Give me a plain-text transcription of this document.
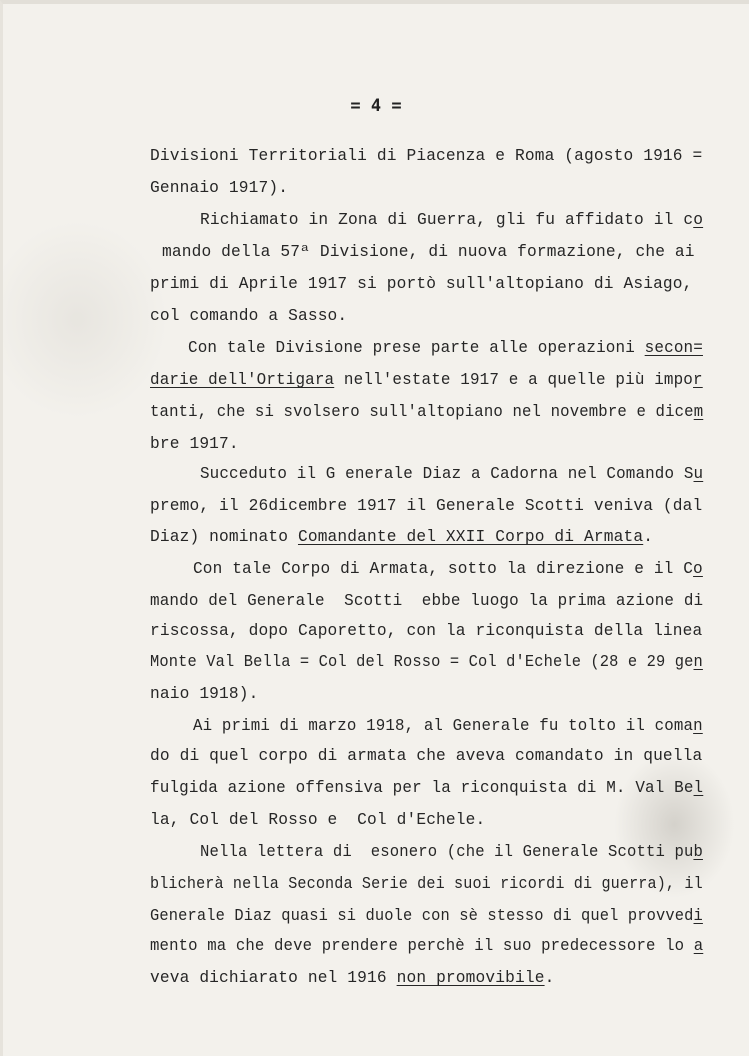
= 4 =
Divisioni Territoriali di Piacenza e Roma (agosto 1916 =
Gennaio 1917).
Richiamato in Zona di Guerra, gli fu affidato il co
mando della 57ª Divisione, di nuova formazione, che ai
primi di Aprile 1917 si portò sull'altopiano di Asiago,
col comando a Sasso.
Con tale Divisione prese parte alle operazioni secon=
darie dell'Ortigara nell'estate 1917 e a quelle più impor
tanti, che si svolsero sull'altopiano nel novembre e dicem
bre 1917.
Succeduto il G enerale Diaz a Cadorna nel Comando Su
premo, il 26dicembre 1917 il Generale Scotti veniva (dal
Diaz) nominato Comandante del XXII Corpo di Armata.
Con tale Corpo di Armata, sotto la direzione e il Co
mando del Generale  Scotti  ebbe luogo la prima azione di
riscossa, dopo Caporetto, con la riconquista della linea
Monte Val Bella = Col del Rosso = Col d'Echele (28 e 29 gen
naio 1918).
Ai primi di marzo 1918, al Generale fu tolto il coman
do di quel corpo di armata che aveva comandato in quella
fulgida azione offensiva per la riconquista di M. Val Bel
la, Col del Rosso e  Col d'Echele.
Nella lettera di  esonero (che il Generale Scotti pub
blicherà nella Seconda Serie dei suoi ricordi di guerra), il
Generale Diaz quasi si duole con sè stesso di quel provvedi
mento ma che deve prendere perchè il suo predecessore lo a
veva dichiarato nel 1916 non promovibile.
